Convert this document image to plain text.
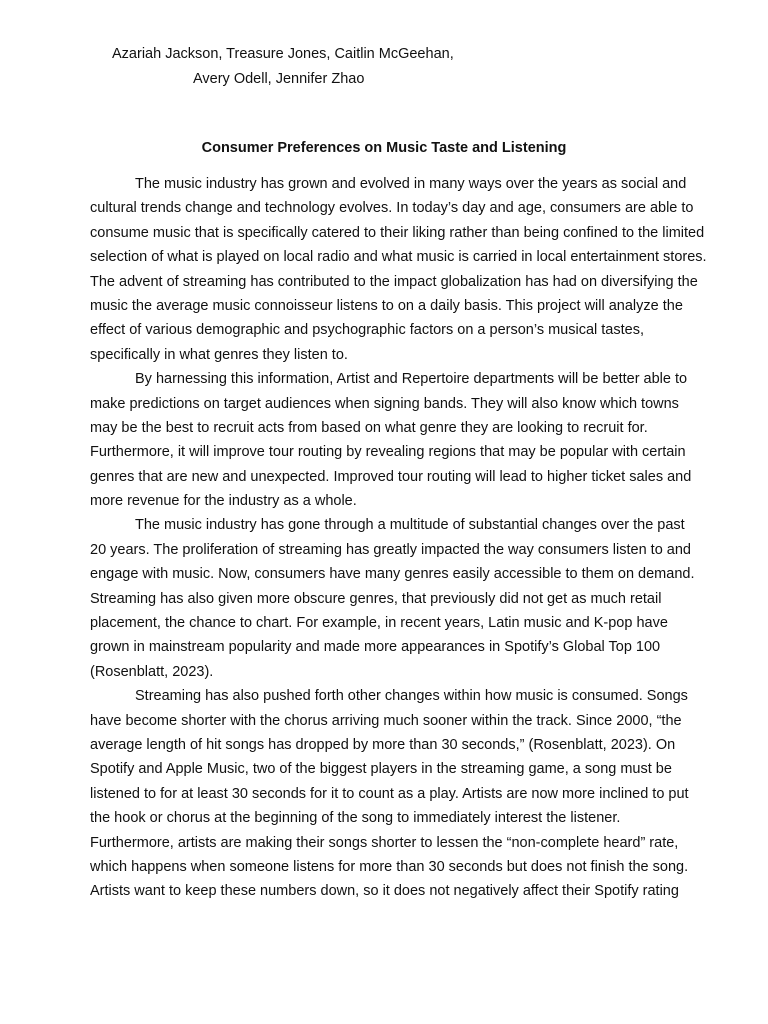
Azariah Jackson, Treasure Jones, Caitlin McGeehan,
Avery Odell, Jennifer Zhao
Consumer Preferences on Music Taste and Listening
The music industry has grown and evolved in many ways over the years as social and
cultural trends change and technology evolves. In today’s day and age, consumers are able to
consume music that is specifically catered to their liking rather than being confined to the limited
selection of what is played on local radio and what music is carried in local entertainment stores.
The advent of streaming has contributed to the impact globalization has had on diversifying the
music the average music connoisseur listens to on a daily basis. This project will analyze the
effect of various demographic and psychographic factors on a person’s musical tastes,
specifically in what genres they listen to.
By harnessing this information, Artist and Repertoire departments will be better able to
make predictions on target audiences when signing bands. They will also know which towns
may be the best to recruit acts from based on what genre they are looking to recruit for.
Furthermore, it will improve tour routing by revealing regions that may be popular with certain
genres that are new and unexpected. Improved tour routing will lead to higher ticket sales and
more revenue for the industry as a whole.
The music industry has gone through a multitude of substantial changes over the past
20 years. The proliferation of streaming has greatly impacted the way consumers listen to and
engage with music. Now, consumers have many genres easily accessible to them on demand.
Streaming has also given more obscure genres, that previously did not get as much retail
placement, the chance to chart. For example, in recent years, Latin music and K-pop have
grown in mainstream popularity and made more appearances in Spotify’s Global Top 100
(Rosenblatt, 2023).
Streaming has also pushed forth other changes within how music is consumed. Songs
have become shorter with the chorus arriving much sooner within the track. Since 2000, “the
average length of hit songs has dropped by more than 30 seconds,” (Rosenblatt, 2023). On
Spotify and Apple Music, two of the biggest players in the streaming game, a song must be
listened to for at least 30 seconds for it to count as a play. Artists are now more inclined to put
the hook or chorus at the beginning of the song to immediately interest the listener.
Furthermore, artists are making their songs shorter to lessen the “non-complete heard” rate,
which happens when someone listens for more than 30 seconds but does not finish the song.
Artists want to keep these numbers down, so it does not negatively affect their Spotify rating
